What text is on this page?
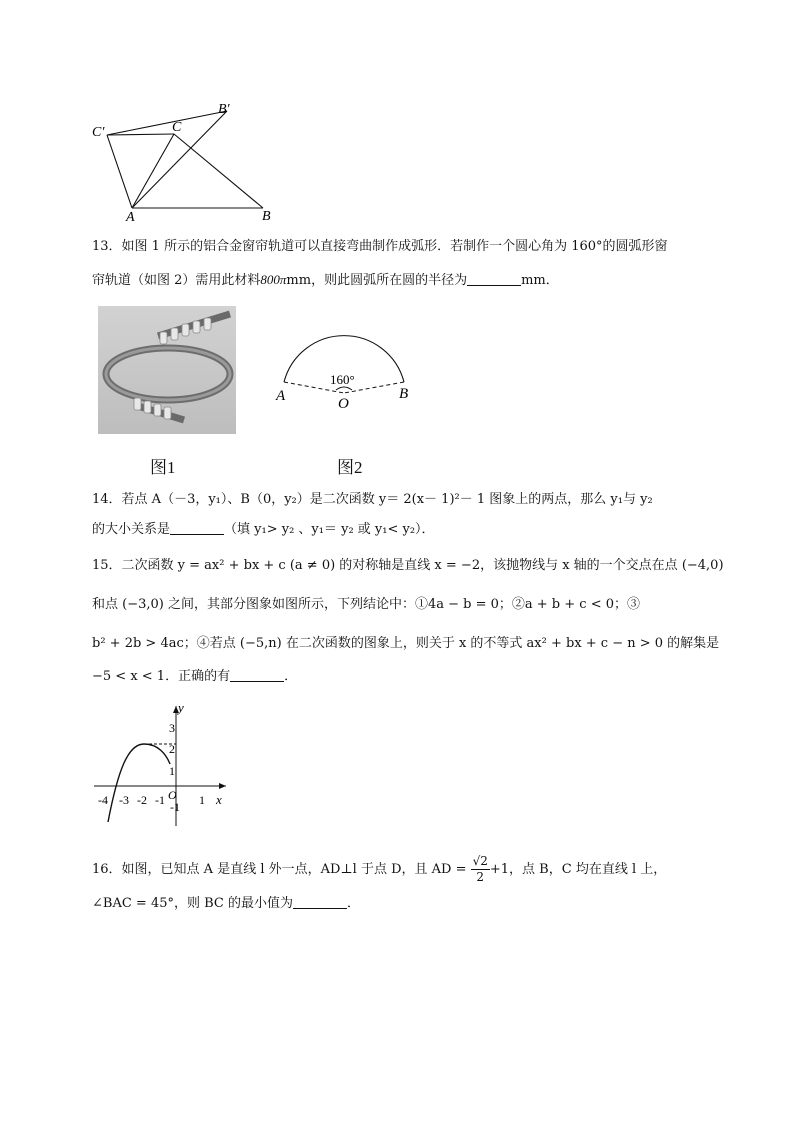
C′	C
B′
A	B
13．如图 1 所示的铝合金窗帘轨道可以直接弯曲制作成弧形．若制作一个圆心角为 160°的圆弧形窗
帘轨道（如图 2）需用此材料800πmm，则此圆弧所在圆的半径为	mm．
160°
A	O
B
图1	图2
14．若点 A（－3，y₁）、B（0，y₂）是二次函数 y＝ 2(x－ 1)²－ 1 图象上的两点，那么 y₁与 y₂
的大小关系是	（填 y₁> y₂ 、y₁＝ y₂ 或 y₁< y₂）．
15．二次函数 y = ax² + bx + c (a ≠ 0) 的对称轴是直线 x = −2，该抛物线与 x 轴的一个交点在点 (−4,0)
和点 (−3,0) 之间，其部分图象如图所示，下列结论中：①4a − b = 0；②a + b + c < 0；③
b² + 2b > 4ac；④若点 (−5,n) 在二次函数的图象上，则关于 x 的不等式 ax² + bx + c − n > 0 的解集是
−5 < x < 1．正确的有	．
y
x
O
3
2
1
-1
-4 -3 -2 -1	1
16．如图，已知点 A 是直线 l 外一点，AD⊥l 于点 D，且 AD = $\frac{√2}{2} +1$，点 B，C 均在直线 l 上，
∠BAC = 45°，则 BC 的最小值为	．
